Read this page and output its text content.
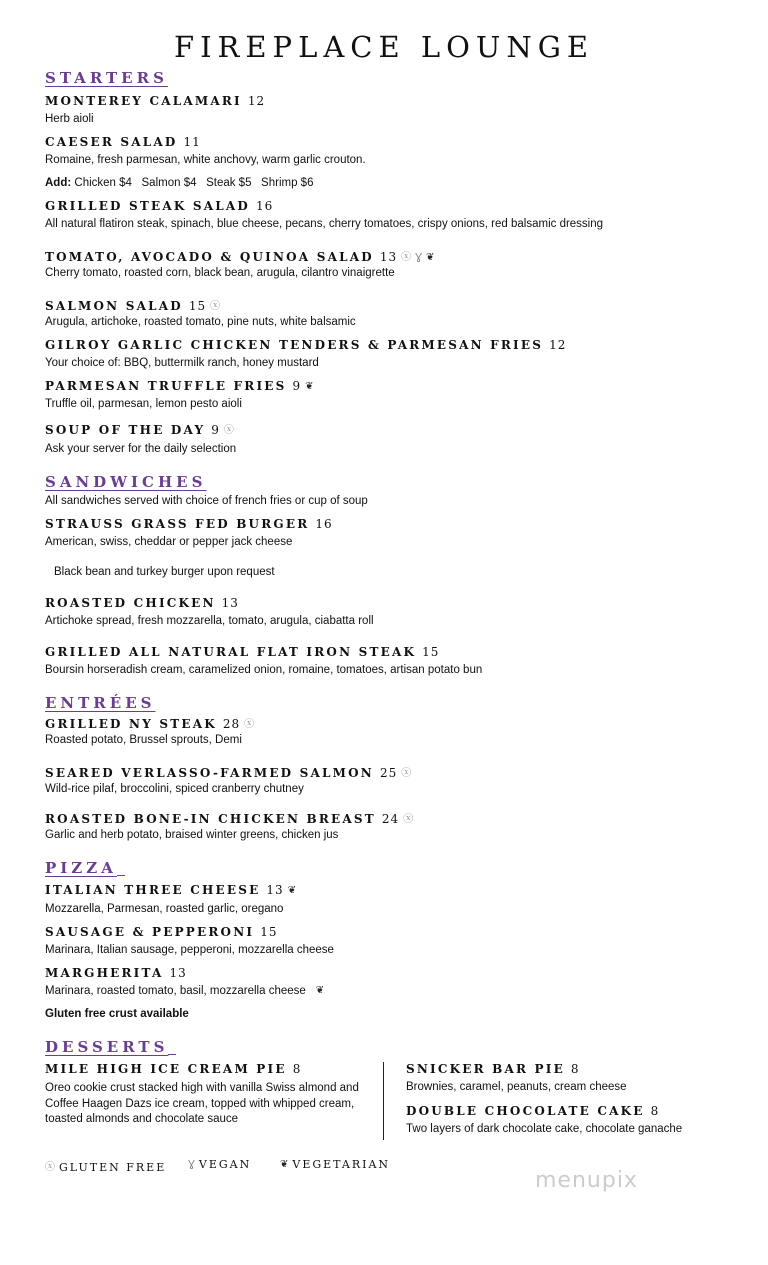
FIREPLACE LOUNGE
STARTERS
MONTEREY CALAMARI 12
Herb aioli
CAESER SALAD 11
Romaine, fresh parmesan, white anchovy, warm garlic crouton.
Add: Chicken $4   Salmon $4   Steak $5   Shrimp $6
GRILLED STEAK SALAD 16
All natural flatiron steak, spinach, blue cheese, pecans, cherry tomatoes, crispy onions, red balsamic dressing
TOMATO, AVOCADO & QUINOA SALAD 13 ⓧ Ɣ ❦
Cherry tomato, roasted corn, black bean, arugula, cilantro vinaigrette
SALMON SALAD 15 ⓧ
Arugula, artichoke, roasted tomato, pine nuts, white balsamic
GILROY GARLIC CHICKEN TENDERS & PARMESAN FRIES 12
Your choice of: BBQ, buttermilk ranch, honey mustard
PARMESAN TRUFFLE FRIES 9 ❦
Truffle oil, parmesan, lemon pesto aioli
SOUP OF THE DAY 9 ⓧ
Ask your server for the daily selection
SANDWICHES
All sandwiches served with choice of french fries or cup of soup
STRAUSS GRASS FED BURGER 16
American, swiss, cheddar or pepper jack cheese
Black bean and turkey burger upon request
ROASTED CHICKEN 13
Artichoke spread, fresh mozzarella, tomato, arugula, ciabatta roll
GRILLED ALL NATURAL FLAT IRON STEAK 15
Boursin horseradish cream, caramelized onion, romaine, tomatoes, artisan potato bun
ENTRÉES
GRILLED NY STEAK 28 ⓧ
Roasted potato, Brussel sprouts, Demi
SEARED VERLASSO-FARMED SALMON 25 ⓧ
Wild-rice pilaf, broccolini, spiced cranberry chutney
ROASTED BONE-IN CHICKEN BREAST 24 ⓧ
Garlic and herb potato, braised winter greens, chicken jus
PIZZA
ITALIAN THREE CHEESE 13 ❦
Mozzarella, Parmesan, roasted garlic, oregano
SAUSAGE & PEPPERONI 15
Marinara, Italian sausage, pepperoni, mozzarella cheese
MARGHERITA 13
Marinara, roasted tomato, basil, mozzarella cheese ❦
Gluten free crust available
DESSERTS
MILE HIGH ICE CREAM PIE 8
Oreo cookie crust stacked high with vanilla Swiss almond and Coffee Haagen Dazs ice cream, topped with whipped cream, toasted almonds and chocolate sauce
SNICKER BAR PIE 8
Brownies, caramel, peanuts, cream cheese
DOUBLE CHOCOLATE CAKE 8
Two layers of dark chocolate cake, chocolate ganache
ⓧ GLUTEN FREE Ɣ VEGAN	❦ VEGETARIAN
menupix
